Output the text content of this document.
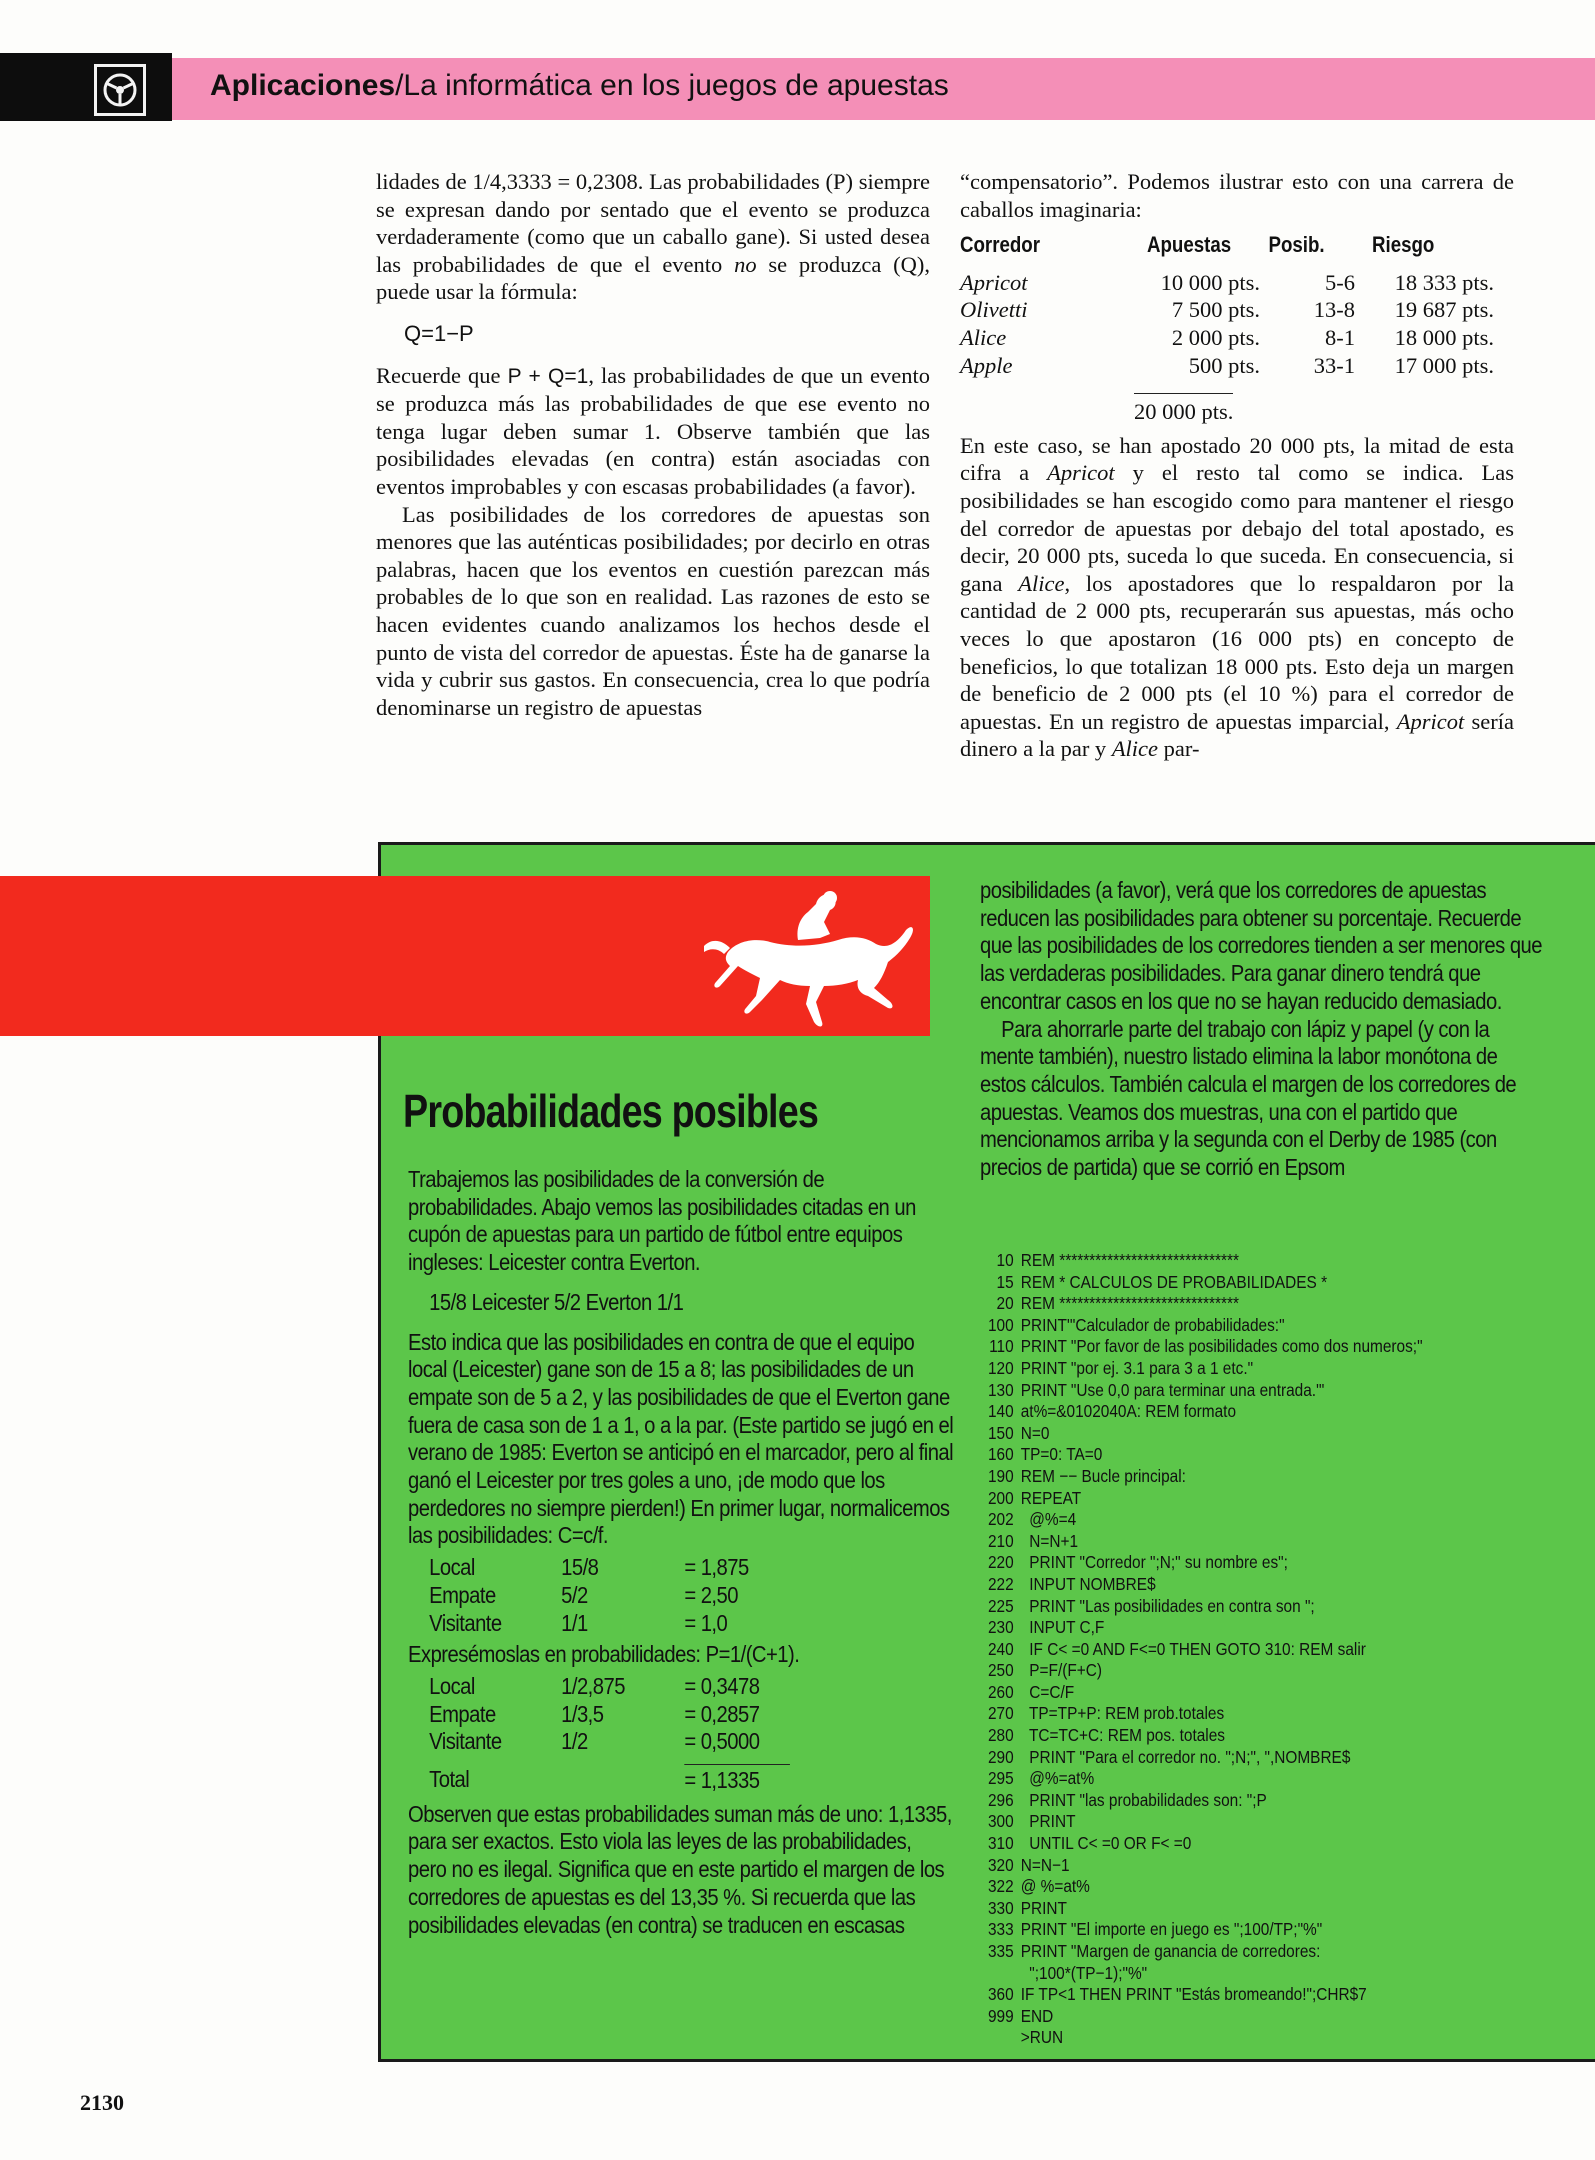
Aplicaciones/La informática en los juegos de apuestas

lidades de 1/4,3333 = 0,2308. Las probabilidades (P) siempre se expresan dando por sentado que el evento se produzca verdaderamente (como que un caballo gane). Si usted desea las probabilidades de que el evento no se produzca (Q), puede usar la fórmula:

Q=1−P

Recuerde que P + Q=1, las probabilidades de que un evento se produzca más las probabilidades de que ese evento no tenga lugar deben sumar 1. Observe también que las posibilidades elevadas (en contra) están asociadas con eventos improbables y con escasas probabilidades (a favor).

Las posibilidades de los corredores de apuestas son menores que las auténticas posibilidades; por decirlo en otras palabras, hacen que los eventos en cuestión parezcan más probables de lo que son en realidad. Las razones de esto se hacen evidentes cuando analizamos los hechos desde el punto de vista del corredor de apuestas. Éste ha de ganarse la vida y cubrir sus gastos. En consecuencia, crea lo que podría denominarse un registro de apuestas

“compensatorio”. Podemos ilustrar esto con una carrera de caballos imaginaria:

Corredor	Apuestas	Posib.	Riesgo
Apricot	10 000 pts.	5-6	18 333 pts.
Olivetti	7 500 pts.	13-8	19 687 pts.
Alice	2 000 pts.	8-1	18 000 pts.
Apple	500 pts.	33-1	17 000 pts.
20 000 pts.

En este caso, se han apostado 20 000 pts, la mitad de esta cifra a Apricot y el resto tal como se indica. Las posibilidades se han escogido como para mantener el riesgo del corredor de apuestas por debajo del total apostado, es decir, 20 000 pts, suceda lo que suceda. En consecuencia, si gana Alice, los apostadores que lo respaldaron por la cantidad de 2 000 pts, recuperarán sus apuestas, más ocho veces lo que apostaron (16 000 pts) en concepto de beneficios, lo que totalizan 18 000 pts. Esto deja un margen de beneficio de 2 000 pts (el 10 %) para el corredor de apuestas. En un registro de apuestas imparcial, Apricot sería dinero a la par y Alice par-

Probabilidades posibles

Trabajemos las posibilidades de la conversión de probabilidades. Abajo vemos las posibilidades citadas en un cupón de apuestas para un partido de fútbol entre equipos ingleses: Leicester contra Everton.

15/8 Leicester 5/2 Everton 1/1

Esto indica que las posibilidades en contra de que el equipo local (Leicester) gane son de 15 a 8; las posibilidades de un empate son de 5 a 2, y las posibilidades de que el Everton gane fuera de casa son de 1 a 1, o a la par. (Este partido se jugó en el verano de 1985: Everton se anticipó en el marcador, pero al final ganó el Leicester por tres goles a uno, ¡de modo que los perdedores no siempre pierden!) En primer lugar, normalicemos las posibilidades: C=c/f.

Local	15/8	= 1,875
Empate	5/2	= 2,50
Visitante	1/1	= 1,0

Expresémoslas en probabilidades: P=1/(C+1).

Local	1/2,875	= 0,3478
Empate	1/3,5	= 0,2857
Visitante	1/2	= 0,5000
Total		= 1,1335

Observen que estas probabilidades suman más de uno: 1,1335, para ser exactos. Esto viola las leyes de las probabilidades, pero no es ilegal. Significa que en este partido el margen de los corredores de apuestas es del 13,35 %. Si recuerda que las posibilidades elevadas (en contra) se traducen en escasas

posibilidades (a favor), verá que los corredores de apuestas reducen las posibilidades para obtener su porcentaje. Recuerde que las posibilidades de los corredores tienden a ser menores que las verdaderas posibilidades. Para ganar dinero tendrá que encontrar casos en los que no se hayan reducido demasiado.

Para ahorrarle parte del trabajo con lápiz y papel (y con la mente también), nuestro listado elimina la labor monótona de estos cálculos. También calcula el margen de los corredores de apuestas. Veamos dos muestras, una con el partido que mencionamos arriba y la segunda con el Derby de 1985 (con precios de partida) que se corrió en Epsom

10 REM ******************************
15 REM * CALCULOS DE PROBABILIDADES *
20 REM ******************************
100 PRINT'"Calculador de probabilidades:"
110 PRINT "Por favor de las posibilidades como dos numeros;"
120 PRINT "por ej. 3.1 para 3 a 1 etc."
130 PRINT "Use 0,0 para terminar una entrada."'
140 at%=&0102040A: REM formato
150 N=0
160 TP=0: TA=0
190 REM −− Bucle principal:
200 REPEAT
202  @%=4
210  N=N+1
220  PRINT "Corredor ";N;" su nombre es";
222  INPUT NOMBRE$
225  PRINT "Las posibilidades en contra son ";
230  INPUT C,F
240  IF C< =0 AND F<=0 THEN GOTO 310: REM salir
250  P=F/(F+C)
260  C=C/F
270  TP=TP+P: REM prob.totales
280  TC=TC+C: REM pos. totales
290  PRINT "Para el corredor no. ";N;", ",NOMBRE$
295  @%=at%
296  PRINT "las probabilidades son: ";P
300  PRINT
310  UNTIL C< =0 OR F< =0
320 N=N−1
322 @ %=at%
330 PRINT
333 PRINT "El importe en juego es ";100/TP;"%"
335 PRINT "Margen de ganancia de corredores:
";100*(TP−1);"%"
360 IF TP<1 THEN PRINT "Estás bromeando!";CHR$7
999 END
>RUN
2130
